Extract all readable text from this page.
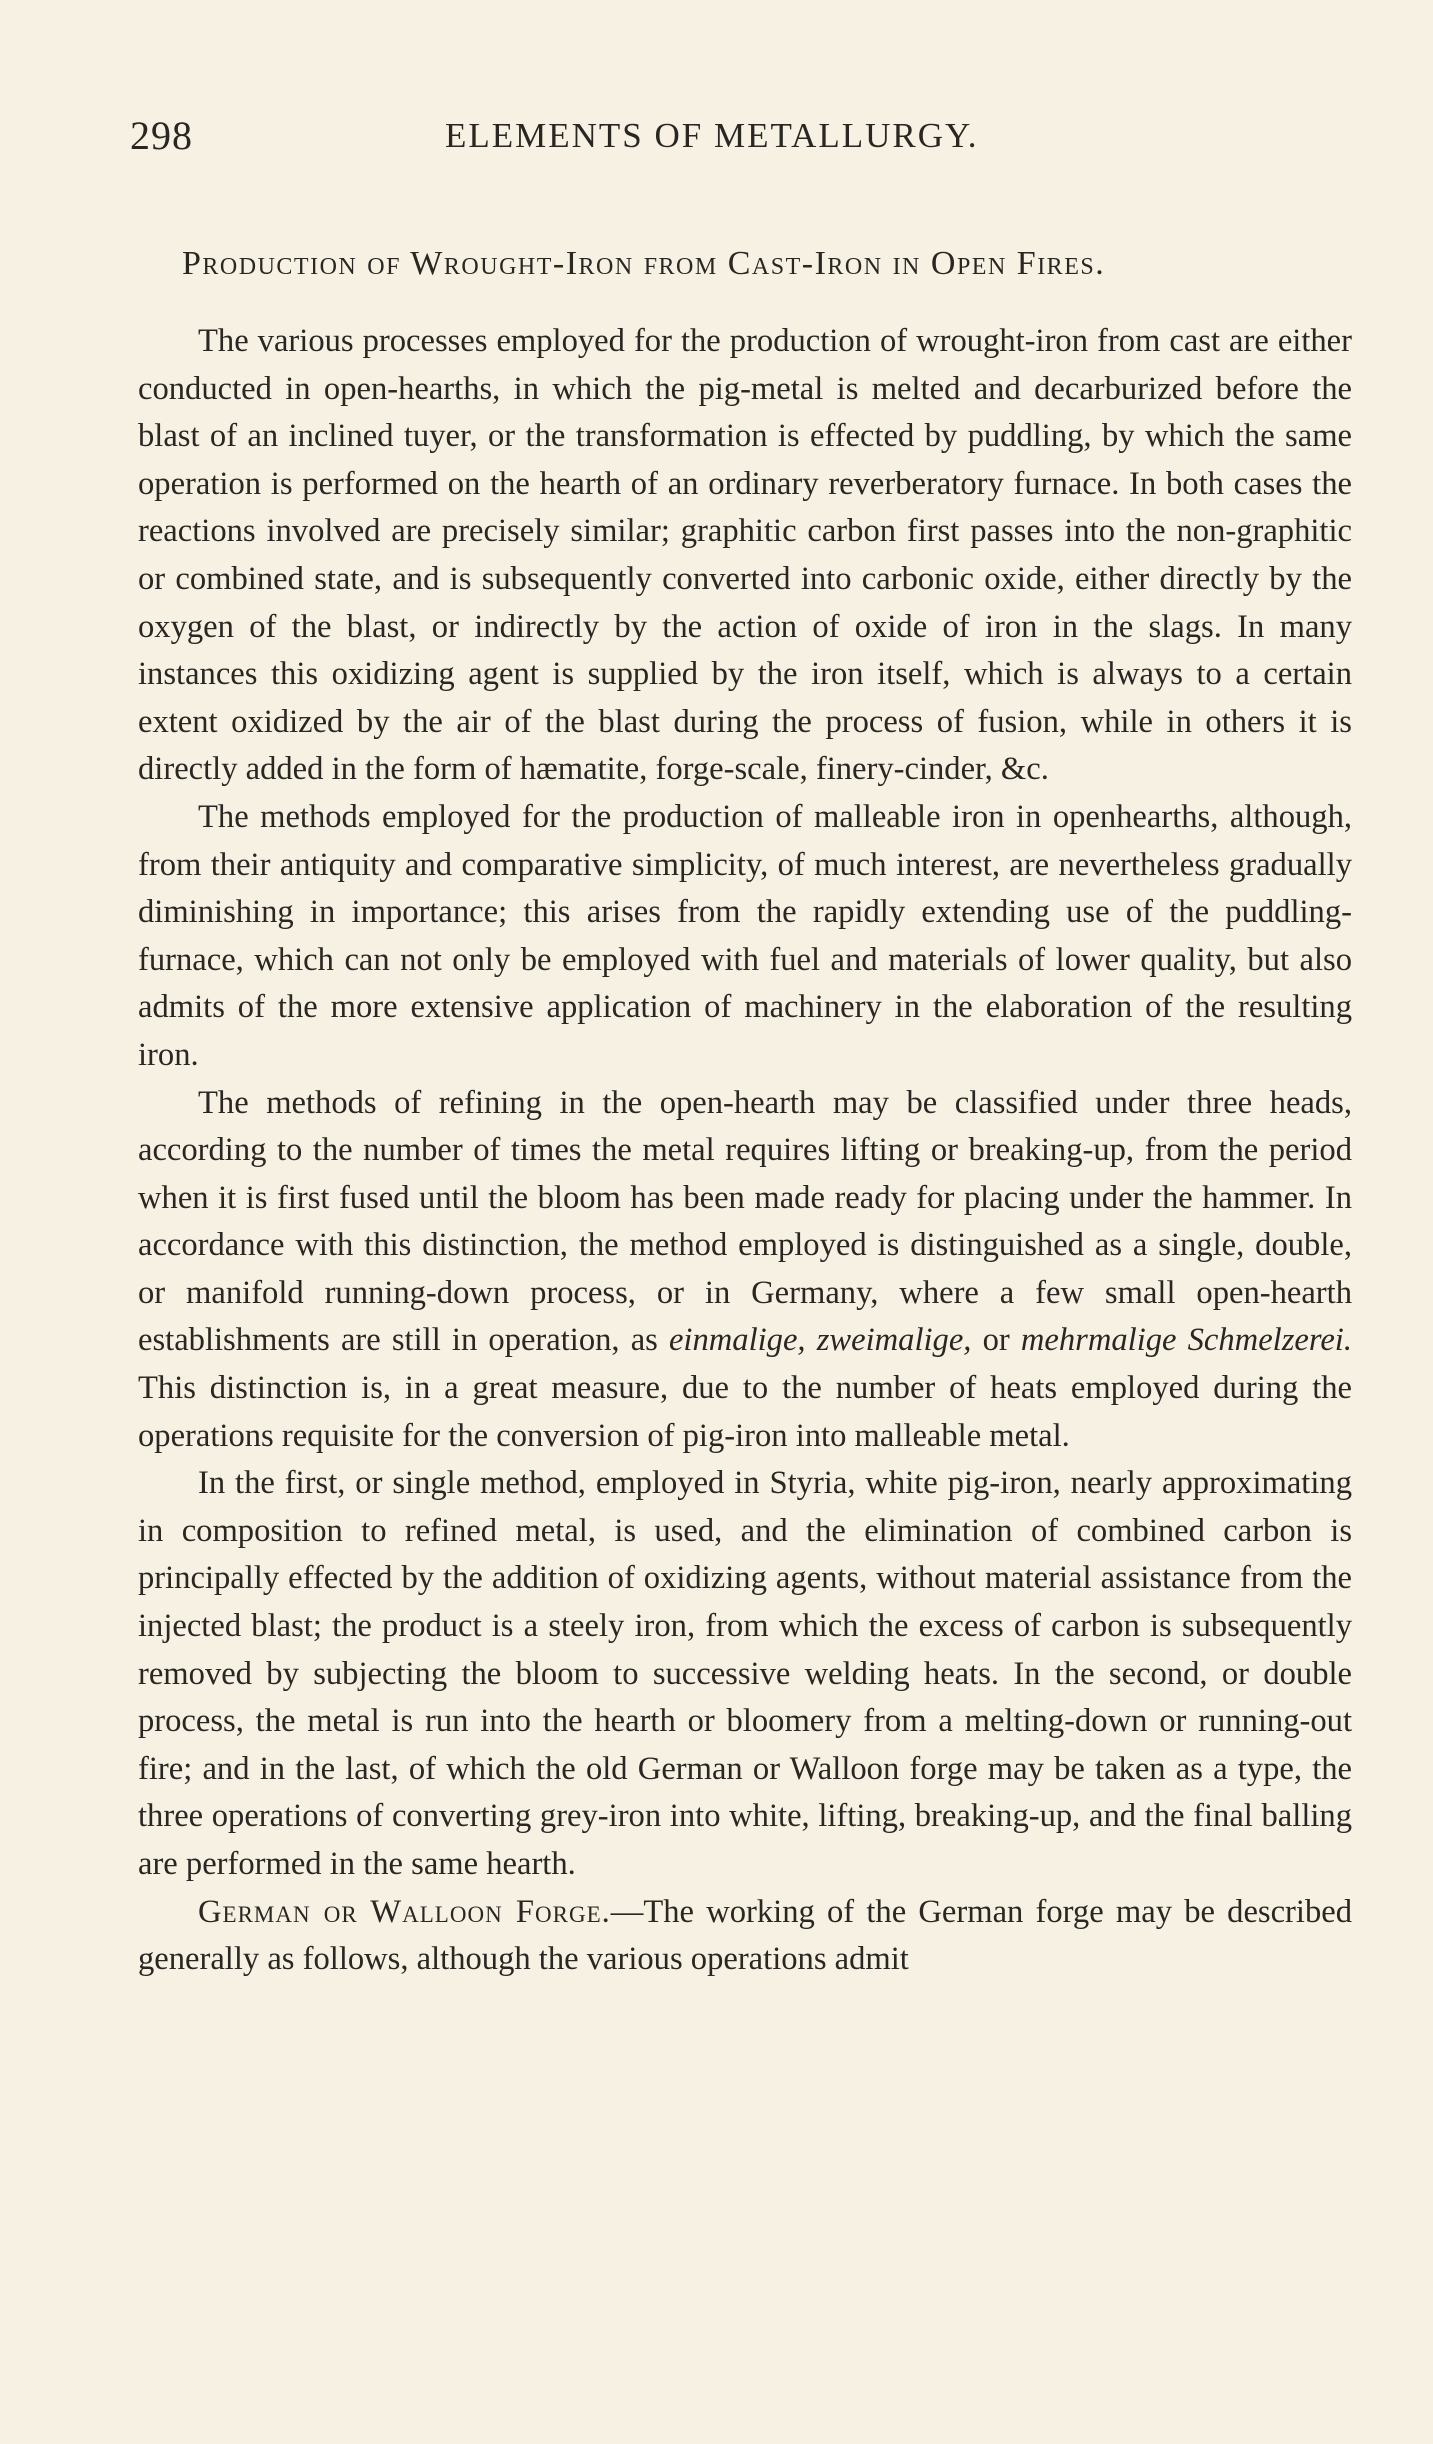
298	ELEMENTS OF METALLURGY.
Production of Wrought-Iron from Cast-Iron in Open Fires.

The various processes employed for the production of wrought-iron from cast are either conducted in open-hearths, in which the pig-metal is melted and decarburized before the blast of an inclined tuyer, or the transformation is effected by puddling, by which the same operation is performed on the hearth of an ordinary reverberatory furnace. In both cases the reactions involved are precisely similar; graphitic carbon first passes into the non-graphitic or combined state, and is subsequently converted into carbonic oxide, either directly by the oxygen of the blast, or indirectly by the action of oxide of iron in the slags. In many instances this oxidizing agent is supplied by the iron itself, which is always to a certain extent oxidized by the air of the blast during the process of fusion, while in others it is directly added in the form of hæmatite, forge-scale, finery-cinder, &c.

The methods employed for the production of malleable iron in openhearths, although, from their antiquity and comparative simplicity, of much interest, are nevertheless gradually diminishing in importance; this arises from the rapidly extending use of the puddling-furnace, which can not only be employed with fuel and materials of lower quality, but also admits of the more extensive application of machinery in the elaboration of the resulting iron.

The methods of refining in the open-hearth may be classified under three heads, according to the number of times the metal requires lifting or breaking-up, from the period when it is first fused until the bloom has been made ready for placing under the hammer. In accordance with this distinction, the method employed is distinguished as a single, double, or manifold running-down process, or in Germany, where a few small open-hearth establishments are still in operation, as einmalige, zweimalige, or mehrmalige Schmelzerei. This distinction is, in a great measure, due to the number of heats employed during the operations requisite for the conversion of pig-iron into malleable metal.

In the first, or single method, employed in Styria, white pig-iron, nearly approximating in composition to refined metal, is used, and the elimination of combined carbon is principally effected by the addition of oxidizing agents, without material assistance from the injected blast; the product is a steely iron, from which the excess of carbon is subsequently removed by subjecting the bloom to successive welding heats. In the second, or double process, the metal is run into the hearth or bloomery from a melting-down or running-out fire; and in the last, of which the old German or Walloon forge may be taken as a type, the three operations of converting grey-iron into white, lifting, breaking-up, and the final balling are performed in the same hearth.

German or Walloon Forge.—The working of the German forge may be described generally as follows, although the various operations admit
